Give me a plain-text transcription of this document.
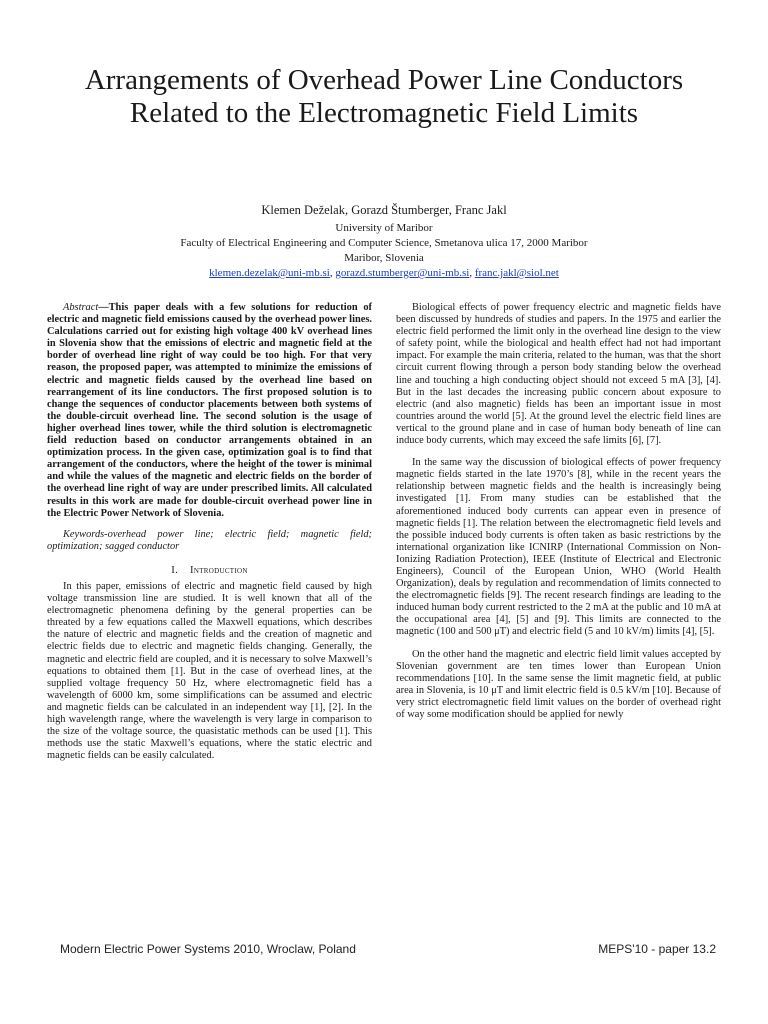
Arrangements of Overhead Power Line Conductors
Related to the Electromagnetic Field Limits
Klemen Deželak, Gorazd Štumberger, Franc Jakl
University of Maribor
Faculty of Electrical Engineering and Computer Science, Smetanova ulica 17, 2000 Maribor
Maribor, Slovenia
klemen.dezelak@uni-mb.si, gorazd.stumberger@uni-mb.si, franc.jakl@siol.net

Abstract—This paper deals with a few solutions for reduction of electric and magnetic field emissions caused by the overhead power lines. Calculations carried out for existing high voltage 400 kV overhead lines in Slovenia show that the emissions of electric and magnetic field at the border of overhead line right of way could be too high. For that very reason, the proposed paper, was attempted to minimize the emissions of electric and magnetic fields caused by the overhead line based on rearrangement of its line conductors. The first proposed solution is to change the sequences of conductor placements between both systems of the double-circuit overhead line. The second solution is the usage of higher overhead lines tower, while the third solution is electromagnetic field reduction based on conductor arrangements obtained in an optimization process. In the given case, optimization goal is to find that arrangement of the conductors, where the height of the tower is minimal and while the values of the magnetic and electric fields on the border of the overhead line right of way are under prescribed limits. All calculated results in this work are made for double-circuit overhead power line in the Electric Power Network of Slovenia.

Keywords-overhead power line; electric field; magnetic field; optimization; sagged conductor

I. Introduction

In this paper, emissions of electric and magnetic field caused by high voltage transmission line are studied. It is well known that all of the electromagnetic phenomena defining by the general properties can be threated by a few equations called the Maxwell equations, which describes the nature of electric and magnetic fields and the creation of magnetic and electric fields due to electric and magnetic fields changing. Generally, the magnetic and electric field are coupled, and it is necessary to solve Maxwell’s equations to obtained them [1]. But in the case of overhead lines, at the supplied voltage frequency 50 Hz, where electromagnetic field has a wavelength of 6000 km, some simplifications can be assumed and electric and magnetic fields can be calculated in an independent way [1], [2]. In the high wavelength range, where the wavelength is very large in comparison to the size of the voltage source, the quasistatic methods can be used [1]. This methods use the static Maxwell’s equations, where the static electric and magnetic fields can be easily calculated.

Biological effects of power frequency electric and magnetic fields have been discussed by hundreds of studies and papers. In the 1975 and earlier the electric field performed the limit only in the overhead line design to the view of safety point, while the biological and health effect had not had important impact. For example the main criteria, related to the human, was that the short circuit current flowing through a person body standing below the overhead line and touching a high conducting object should not exceed 5 mA [3], [4]. But in the last decades the increasing public concern about exposure to electric (and also magnetic) fields has been an important issue in most countries around the world [5]. At the ground level the electric field lines are vertical to the ground plane and in case of human body beneath of line can induce body currents, which may exceed the safe limits [6], [7].

In the same way the discussion of biological effects of power frequency magnetic fields started in the late 1970’s [8], while in the recent years the relationship between magnetic fields and the health is increasingly being investigated [1]. From many studies can be established that the aforementioned induced body currents can appear even in presence of magnetic fields [1]. The relation between the electromagnetic field levels and the possible induced body currents is often taken as basic restrictions by the international organization like ICNIRP (International Commission on Non-Ionizing Radiation Protection), IEEE (Institute of Electrical and Electronic Engineers), Council of the European Union, WHO (World Health Organization), deals by regulation and recommendation of limits connected to the electromagnetic fields [9]. The recent research findings are leading to the induced human body current restricted to the 2 mA at the public and 10 mA at the occupational area [4], [5] and [9]. This limits are connected to the magnetic (100 and 500 μT) and electric field (5 and 10 kV/m) limits [4], [5].

On the other hand the magnetic and electric field limit values accepted by Slovenian government are ten times lower than European Union recommendations [10]. In the same sense the limit magnetic field, at public area in Slovenia, is 10 μT and limit electric field is 0.5 kV/m [10]. Because of very strict electromagnetic field limit values on the border of overhead right of way some modification should be applied for newly

Modern Electric Power Systems 2010, Wroclaw, Poland	MEPS'10 - paper 13.2
